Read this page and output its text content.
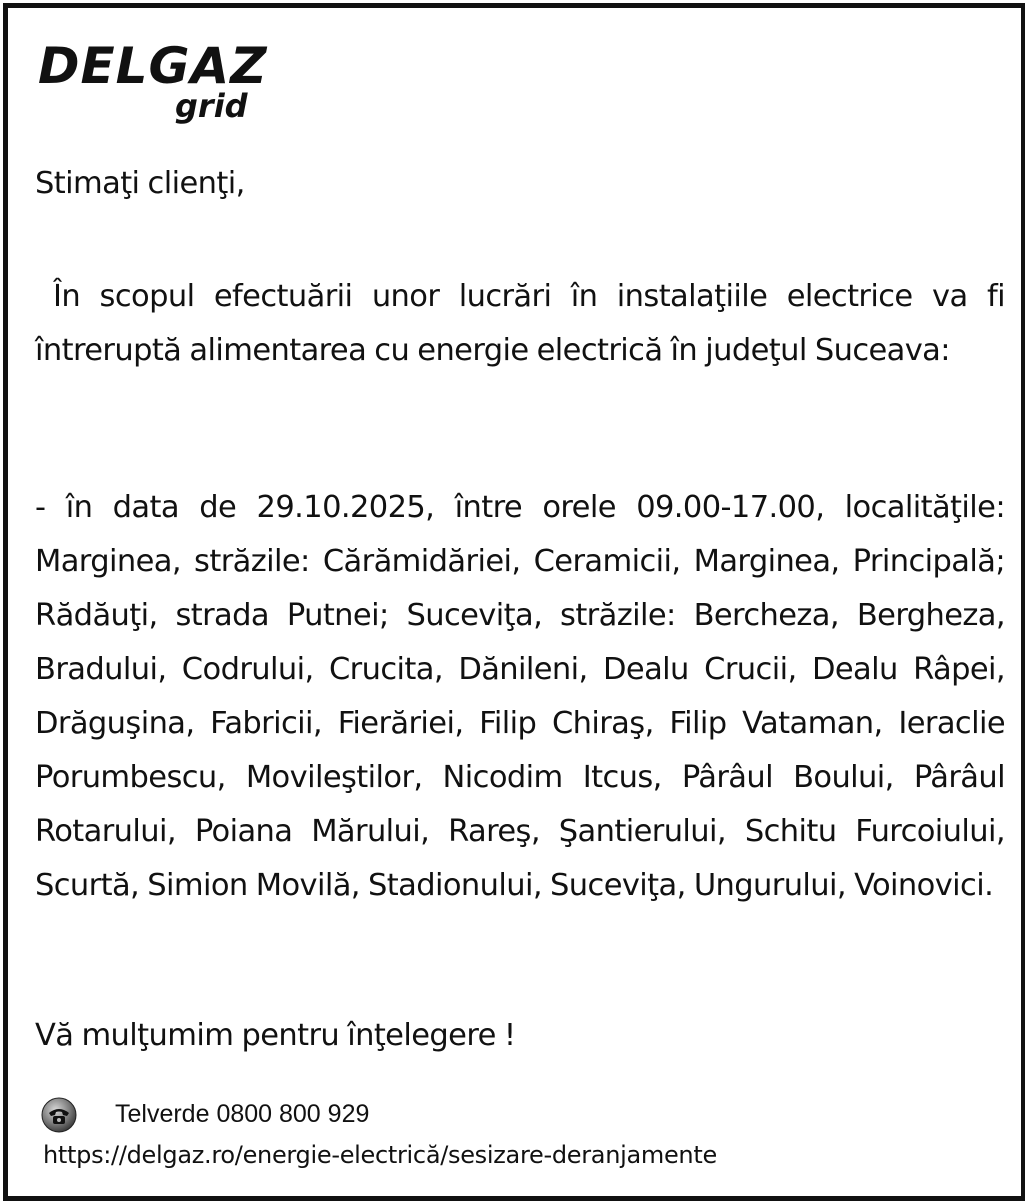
DELGAZ
grid
Stimaţi clienţi,
În scopul efectuării unor lucrări în instalaţiile electrice va fi întreruptă alimentarea cu energie electrică în judeţul Suceava:
- în data de 29.10.2025, între orele 09.00-17.00, localităţile: Marginea, străzile: Cărămidăriei, Ceramicii, Marginea, Principală; Rădăuţi, strada Putnei; Suceviţa, străzile: Bercheza, Bergheza, Bradului, Codrului, Crucita, Dănileni, Dealu Crucii, Dealu Râpei, Drăguşina, Fabricii, Fierăriei, Filip Chiraş, Filip Vataman, Ieraclie Porumbescu, Movileştilor, Nicodim Itcus, Pârâul Boului, Pârâul Rotarului, Poiana Mărului, Rareş, Şantierului, Schitu Furcoiului, Scurtă, Simion Movilă, Stadionului, Suceviţa, Ungurului, Voinovici.
Vă mulţumim pentru înţelegere !
Telverde 0800 800 929
https://delgaz.ro/energie-electrică/sesizare-deranjamente
